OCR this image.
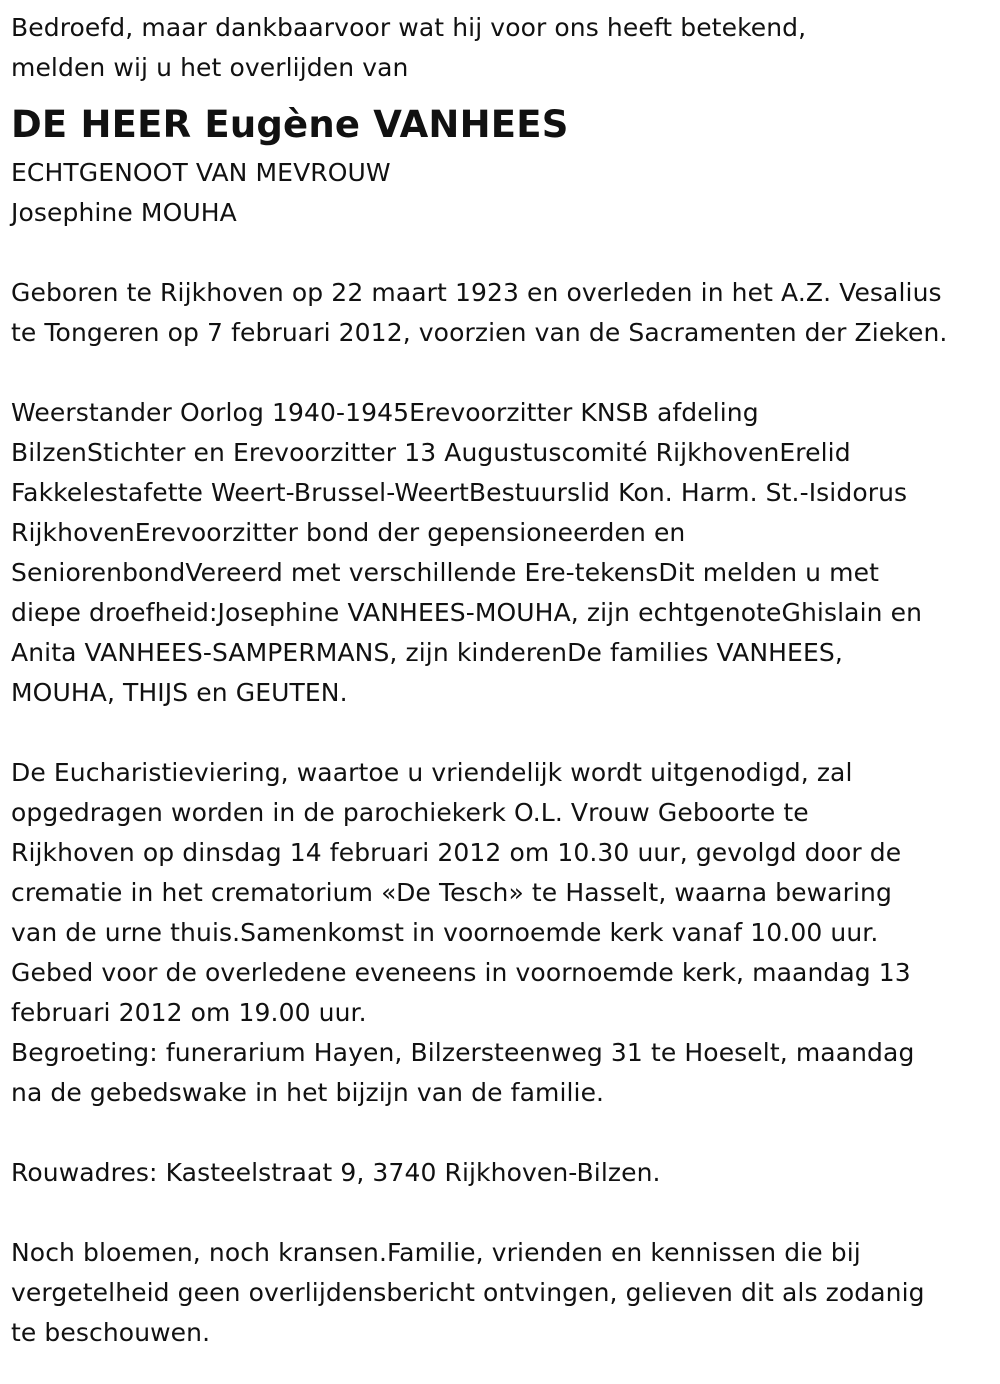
Bedroefd, maar dankbaarvoor wat hij voor ons heeft betekend,
melden wij u het overlijden van

DE HEER Eugène VANHEES

ECHTGENOOT VAN MEVROUW
Josephine MOUHA

Geboren te Rijkhoven op 22 maart 1923 en overleden in het A.Z. Vesalius
te Tongeren op 7 februari 2012, voorzien van de Sacramenten der Zieken.

Weerstander Oorlog 1940-1945Erevoorzitter KNSB afdeling
BilzenStichter en Erevoorzitter 13 Augustuscomité RijkhovenErelid
Fakkelestafette Weert-Brussel-WeertBestuurslid Kon. Harm. St.-Isidorus
RijkhovenErevoorzitter bond der gepensioneerden en
SeniorenbondVereerd met verschillende Ere-tekensDit melden u met
diepe droefheid:Josephine VANHEES-MOUHA, zijn echtgenoteGhislain en
Anita VANHEES-SAMPERMANS, zijn kinderenDe families VANHEES,
MOUHA, THIJS en GEUTEN.

De Eucharistieviering, waartoe u vriendelijk wordt uitgenodigd, zal
opgedragen worden in de parochiekerk O.L. Vrouw Geboorte te
Rijkhoven op dinsdag 14 februari 2012 om 10.30 uur, gevolgd door de
crematie in het crematorium «De Tesch» te Hasselt, waarna bewaring
van de urne thuis.Samenkomst in voornoemde kerk vanaf 10.00 uur.
Gebed voor de overledene eveneens in voornoemde kerk, maandag 13
februari 2012 om 19.00 uur.

Begroeting: funerarium Hayen, Bilzersteenweg 31 te Hoeselt, maandag
na de gebedswake in het bijzijn van de familie.

Rouwadres: Kasteelstraat 9, 3740 Rijkhoven-Bilzen.

Noch bloemen, noch kransen.Familie, vrienden en kennissen die bij
vergetelheid geen overlijdensbericht ontvingen, gelieven dit als zodanig
te beschouwen.
